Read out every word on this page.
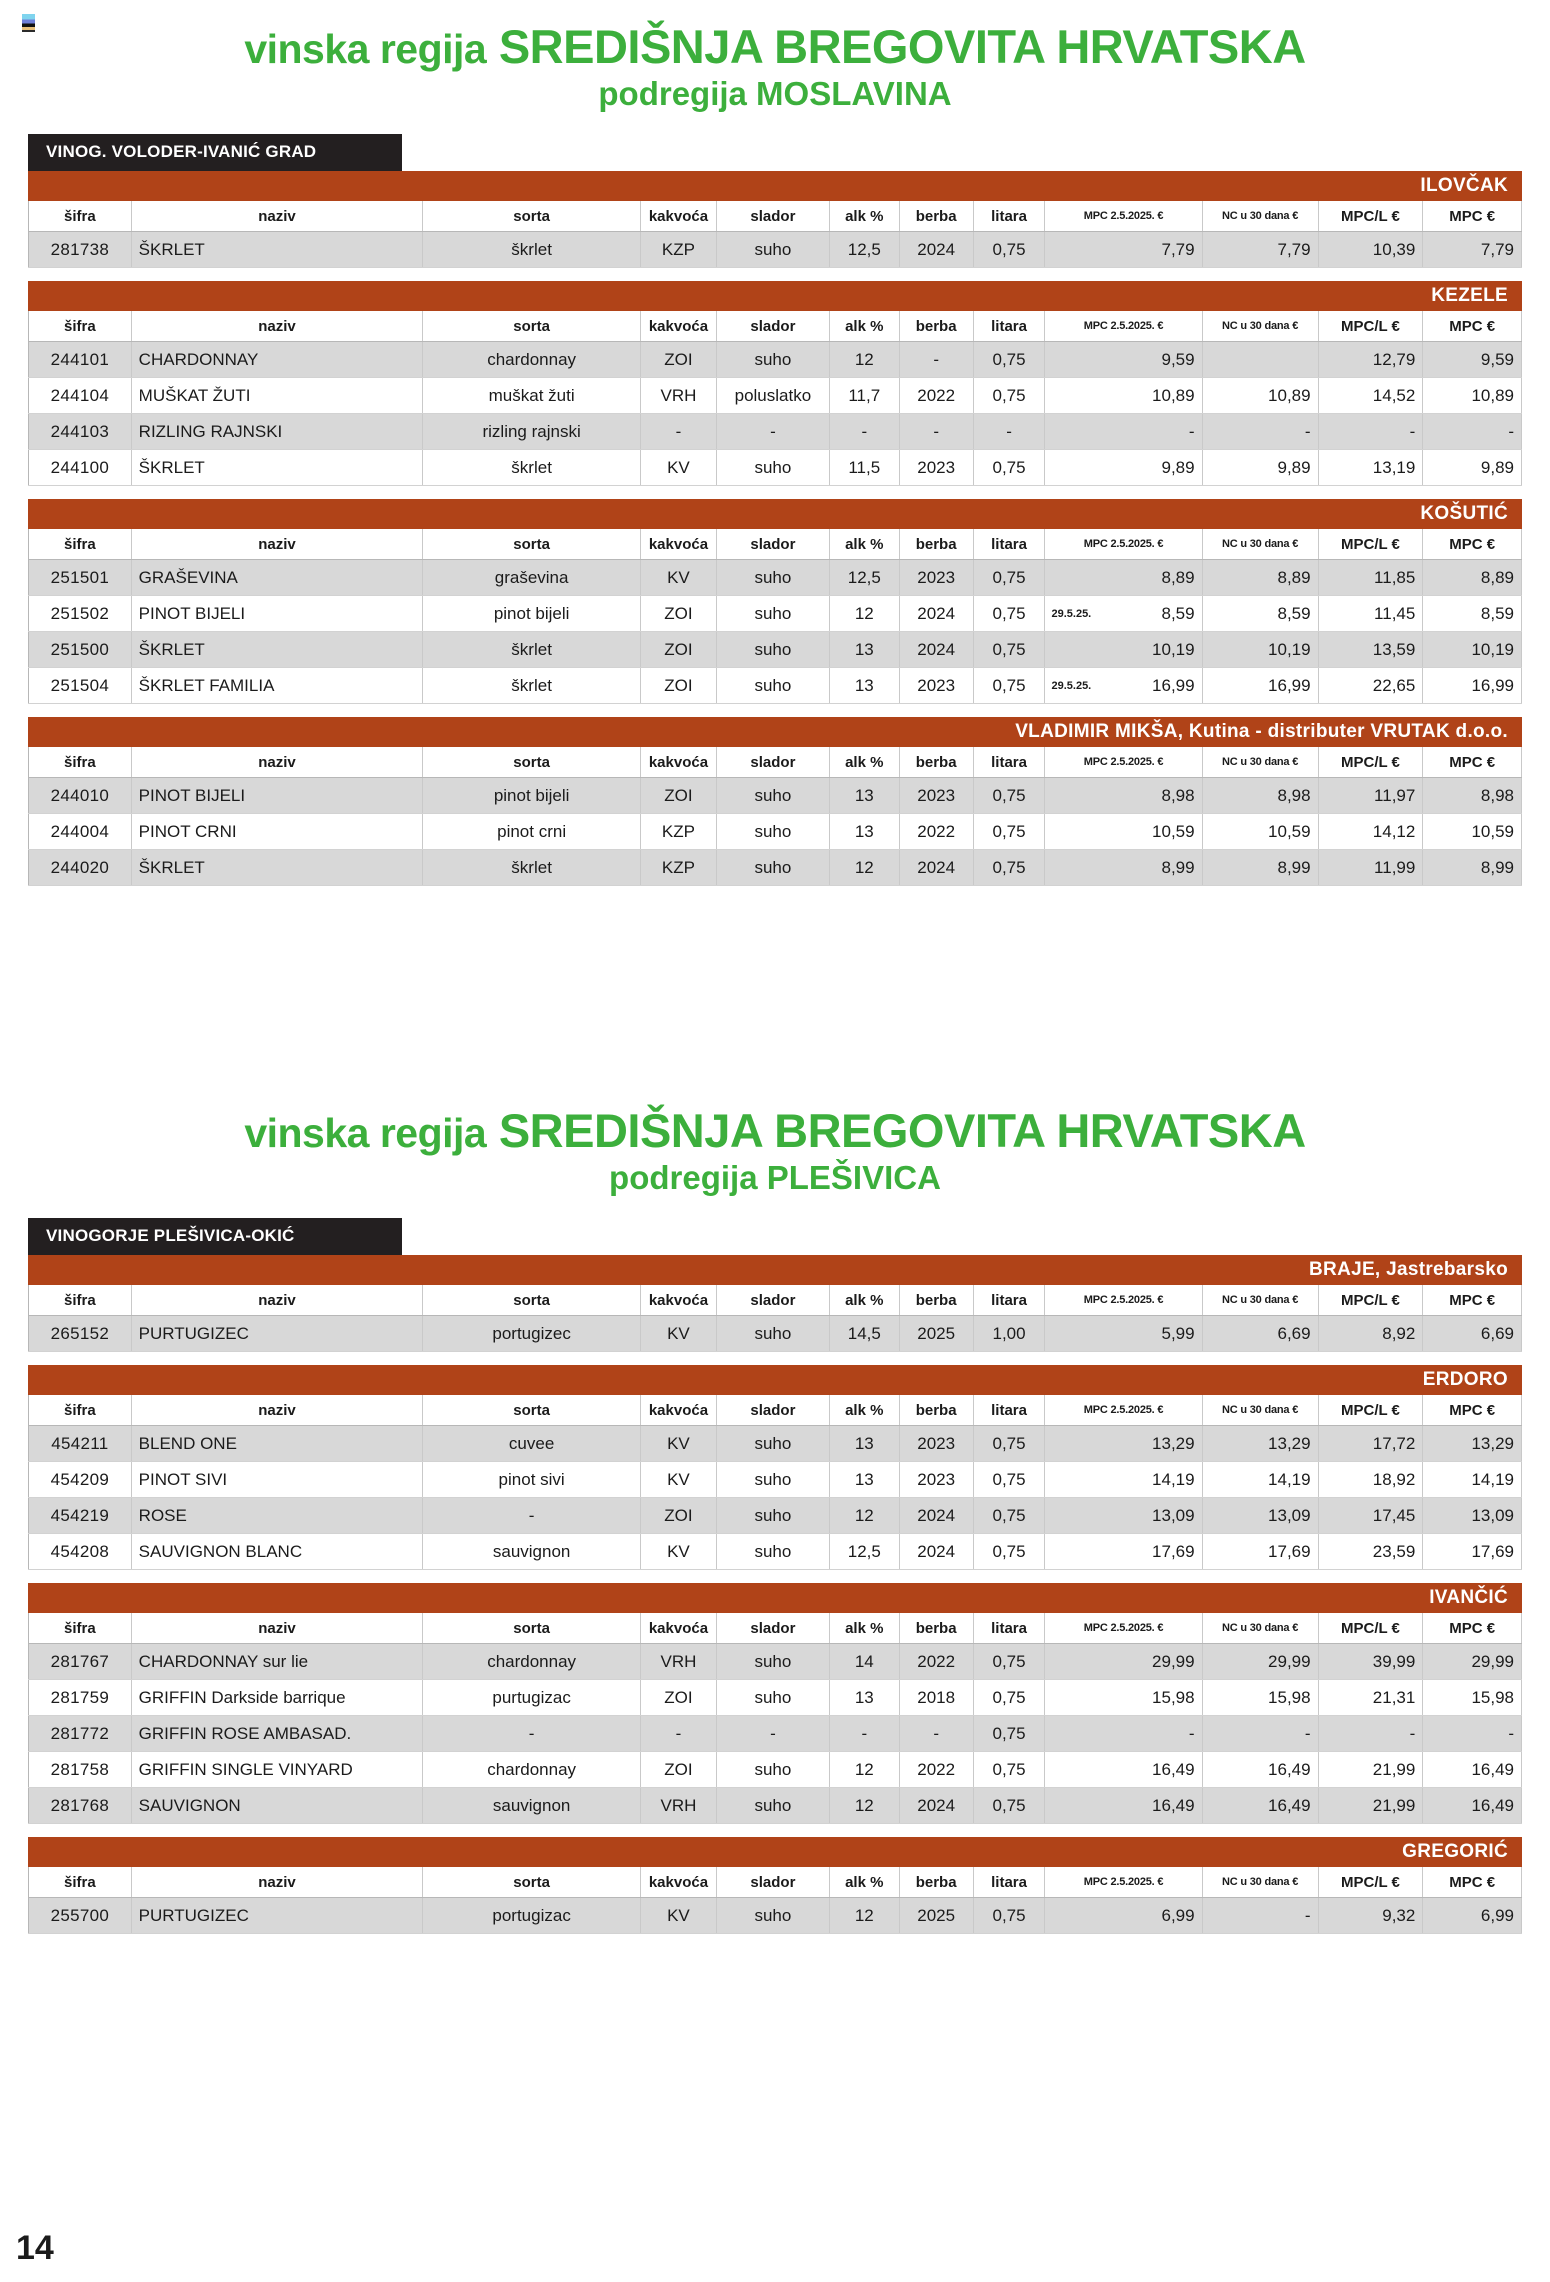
vinska regija SREDIŠNJA BREGOVITA HRVATSKA
podregija MOSLAVINA
VINOG. VOLODER-IVANIĆ GRAD
ILOVČAK
šifra	naziv	sorta	kakvoća	slador	alk %	berba	litara	MPC 2.5.2025. €	NC u 30 dana €	MPC/L €	MPC €
281738	ŠKRLET	škrlet	KZP	suho	12,5	2024	0,75	7,79	7,79	10,39	7,79
KEZELE
šifra	naziv	sorta	kakvoća	slador	alk %	berba	litara	MPC 2.5.2025. €	NC u 30 dana €	MPC/L €	MPC €
244101	CHARDONNAY	chardonnay	ZOI	suho	12	-	0,75	9,59		12,79	9,59
244104	MUŠKAT ŽUTI	muškat žuti	VRH	poluslatko	11,7	2022	0,75	10,89	10,89	14,52	10,89
244103	RIZLING RAJNSKI	rizling rajnski	-	-	-	-	-	-	-	-	-
244100	ŠKRLET	škrlet	KV	suho	11,5	2023	0,75	9,89	9,89	13,19	9,89
KOŠUTIĆ
šifra	naziv	sorta	kakvoća	slador	alk %	berba	litara	MPC 2.5.2025. €	NC u 30 dana €	MPC/L €	MPC €
251501	GRAŠEVINA	graševina	KV	suho	12,5	2023	0,75	8,89	8,89	11,85	8,89
251502	PINOT BIJELI	pinot bijeli	ZOI	suho	12	2024	0,75	29.5.25. 8,59	8,59	11,45	8,59
251500	ŠKRLET	škrlet	ZOI	suho	13	2024	0,75	10,19	10,19	13,59	10,19
251504	ŠKRLET FAMILIA	škrlet	ZOI	suho	13	2023	0,75	29.5.25. 16,99	16,99	22,65	16,99
VLADIMIR MIKŠA, Kutina - distributer VRUTAK d.o.o.
šifra	naziv	sorta	kakvoća	slador	alk %	berba	litara	MPC 2.5.2025. €	NC u 30 dana €	MPC/L €	MPC €
244010	PINOT BIJELI	pinot bijeli	ZOI	suho	13	2023	0,75	8,98	8,98	11,97	8,98
244004	PINOT CRNI	pinot crni	KZP	suho	13	2022	0,75	10,59	10,59	14,12	10,59
244020	ŠKRLET	škrlet	KZP	suho	12	2024	0,75	8,99	8,99	11,99	8,99
vinska regija SREDIŠNJA BREGOVITA HRVATSKA
podregija PLEŠIVICA
VINOGORJE PLEŠIVICA-OKIĆ
BRAJE, Jastrebarsko
šifra	naziv	sorta	kakvoća	slador	alk %	berba	litara	MPC 2.5.2025. €	NC u 30 dana €	MPC/L €	MPC €
265152	PURTUGIZEC	portugizec	KV	suho	14,5	2025	1,00	5,99	6,69	8,92	6,69
ERDORO
šifra	naziv	sorta	kakvoća	slador	alk %	berba	litara	MPC 2.5.2025. €	NC u 30 dana €	MPC/L €	MPC €
454211	BLEND ONE	cuvee	KV	suho	13	2023	0,75	13,29	13,29	17,72	13,29
454209	PINOT SIVI	pinot sivi	KV	suho	13	2023	0,75	14,19	14,19	18,92	14,19
454219	ROSE	-	ZOI	suho	12	2024	0,75	13,09	13,09	17,45	13,09
454208	SAUVIGNON BLANC	sauvignon	KV	suho	12,5	2024	0,75	17,69	17,69	23,59	17,69
IVANČIĆ
šifra	naziv	sorta	kakvoća	slador	alk %	berba	litara	MPC 2.5.2025. €	NC u 30 dana €	MPC/L €	MPC €
281767	CHARDONNAY sur lie	chardonnay	VRH	suho	14	2022	0,75	29,99	29,99	39,99	29,99
281759	GRIFFIN Darkside barrique	purtugizac	ZOI	suho	13	2018	0,75	15,98	15,98	21,31	15,98
281772	GRIFFIN ROSE AMBASAD.	-	-	-	-	-	0,75	-	-	-	-
281758	GRIFFIN SINGLE VINYARD	chardonnay	ZOI	suho	12	2022	0,75	16,49	16,49	21,99	16,49
281768	SAUVIGNON	sauvignon	VRH	suho	12	2024	0,75	16,49	16,49	21,99	16,49
GREGORIĆ
šifra	naziv	sorta	kakvoća	slador	alk %	berba	litara	MPC 2.5.2025. €	NC u 30 dana €	MPC/L €	MPC €
255700	PURTUGIZEC	portugizac	KV	suho	12	2025	0,75	6,99	-	9,32	6,99
14
